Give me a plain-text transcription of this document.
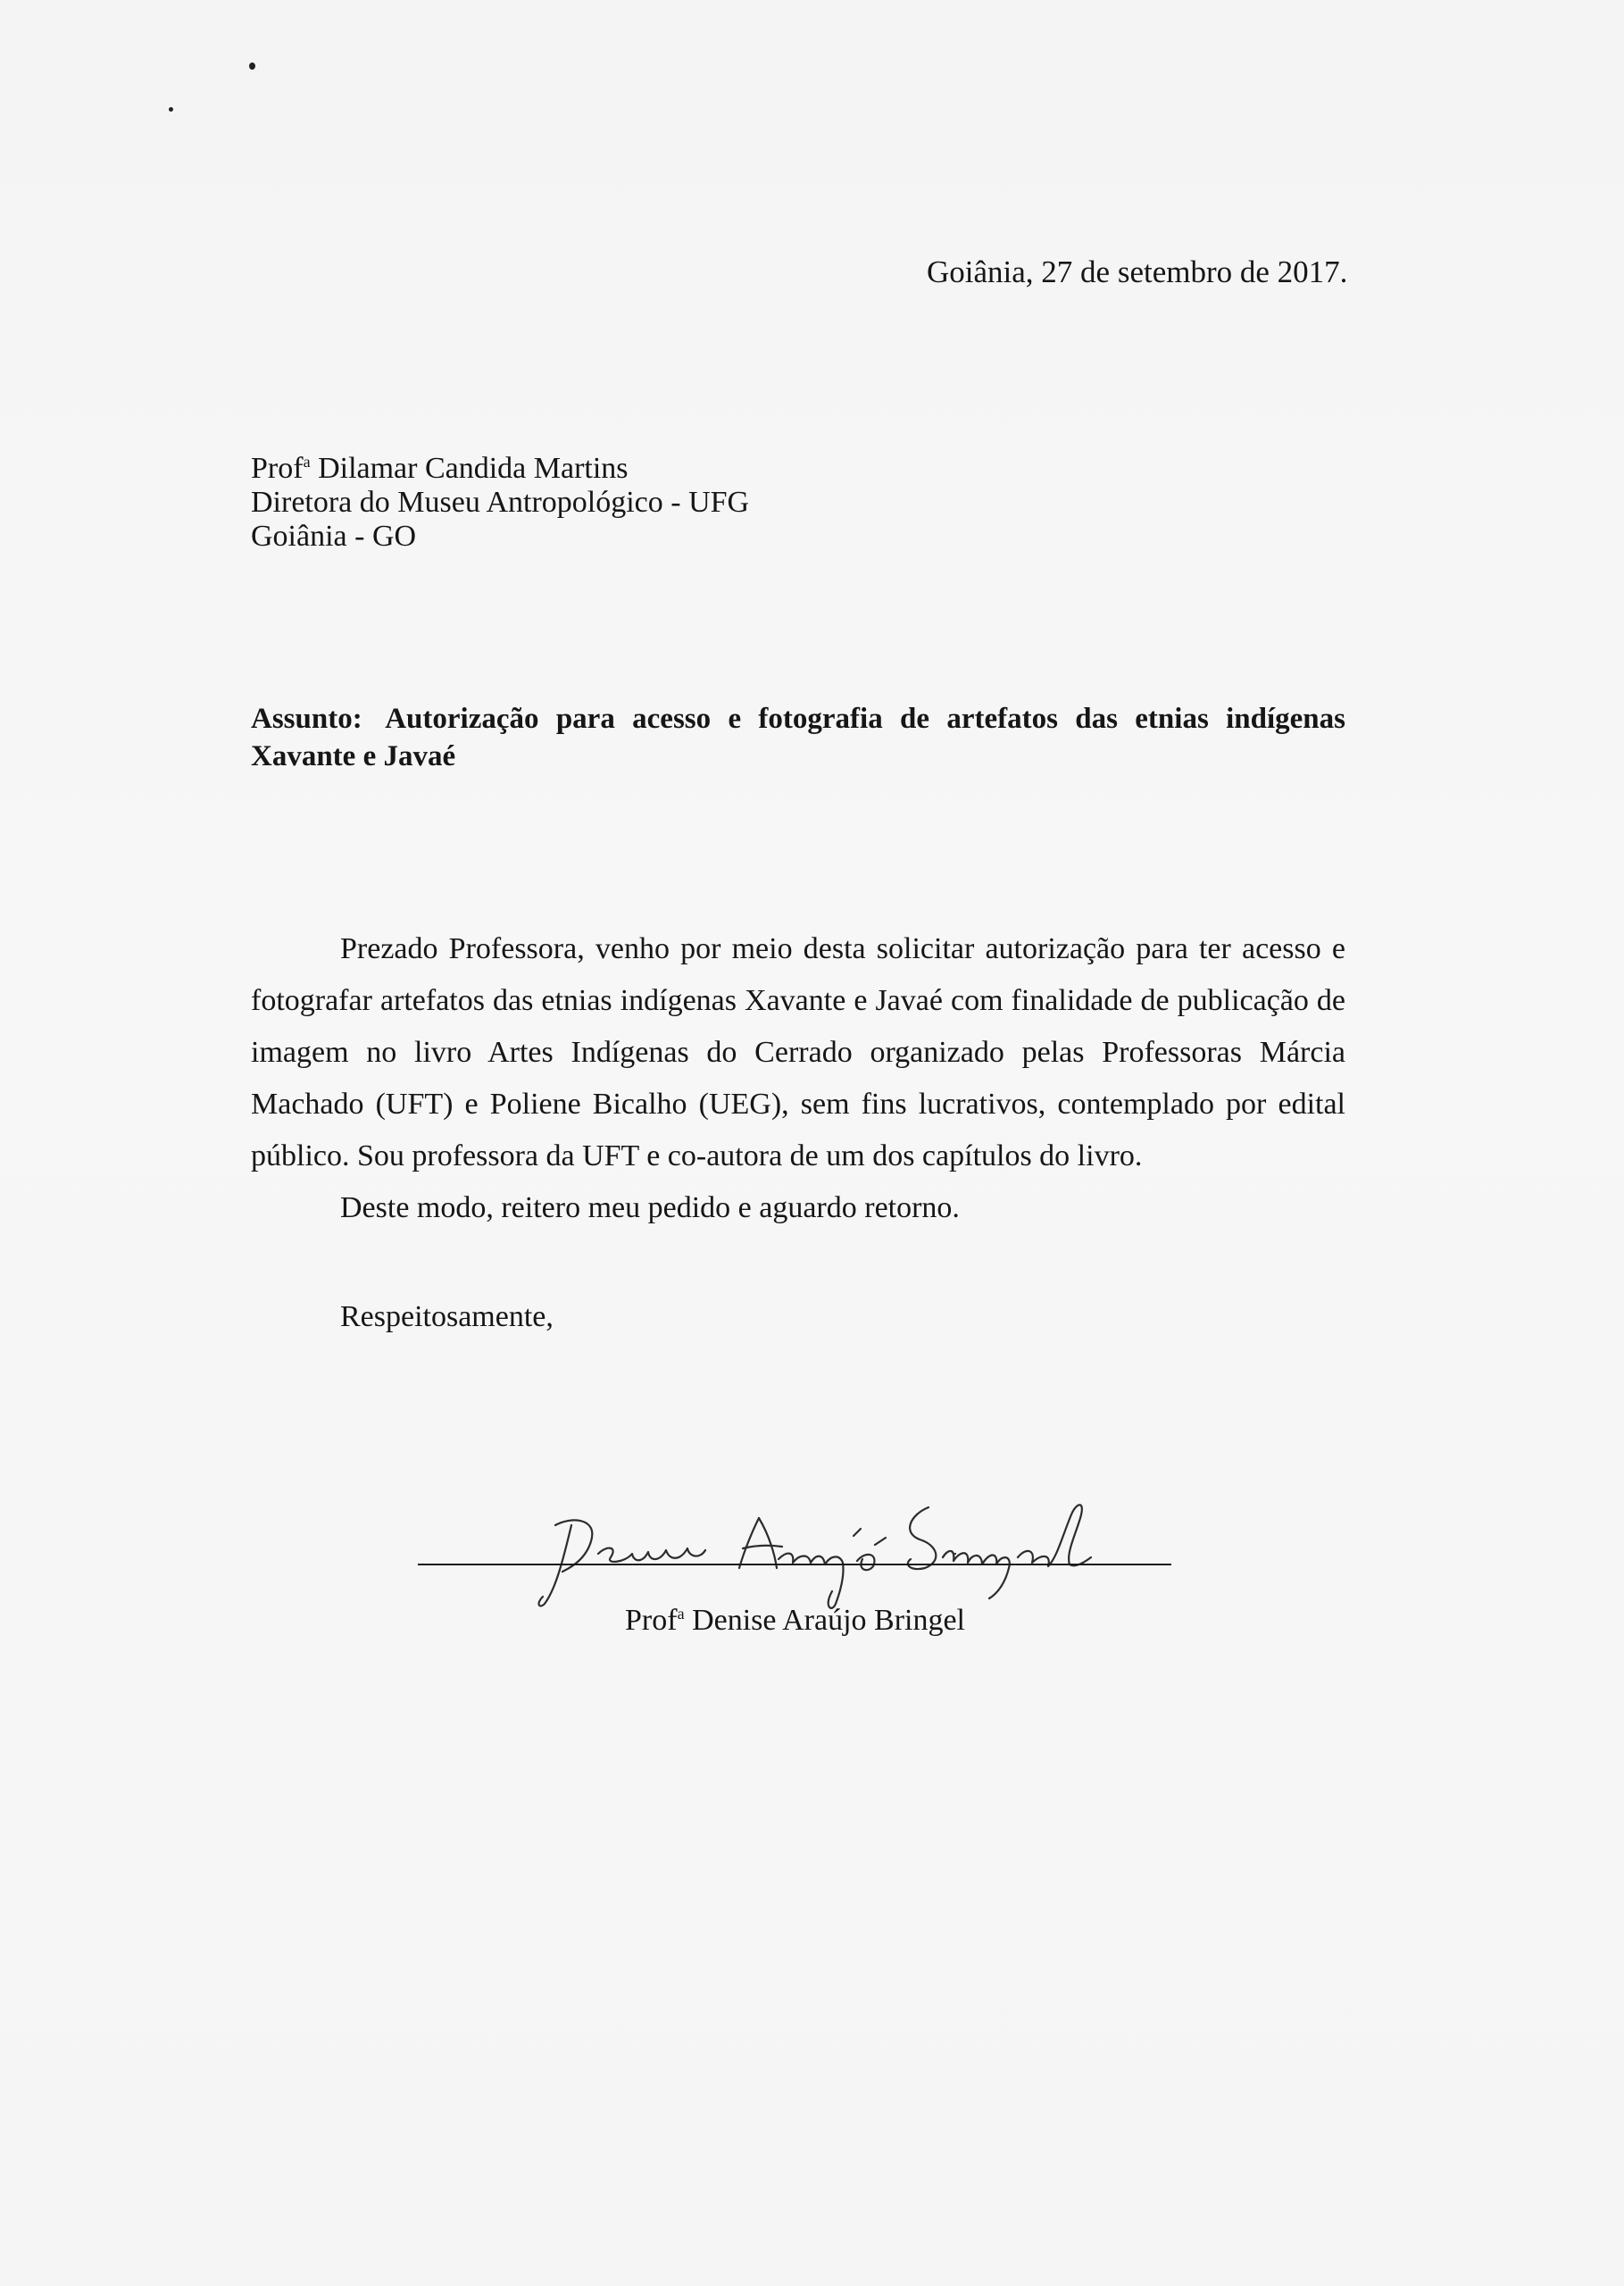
Goiânia, 27 de setembro de 2017.
Prof$^a$ Dilamar Candida Martins
Diretora do Museu Antropológico - UFG
Goiânia - GO
Assunto: Autorização para acesso e fotografia de artefatos das etnias indígenas Xavante e Javaé

Prezado Professora, venho por meio desta solicitar autorização para ter acesso e fotografar artefatos das etnias indígenas Xavante e Javaé com finalidade de publicação de imagem no livro Artes Indígenas do Cerrado organizado pelas Professoras Márcia Machado (UFT) e Poliene Bicalho (UEG), sem fins lucrativos, contemplado por edital público. Sou professora da UFT e co-autora de um dos capítulos do livro.

Deste modo, reitero meu pedido e aguardo retorno.

Respeitosamente,
Prof$^a$ Denise Araújo Bringel
